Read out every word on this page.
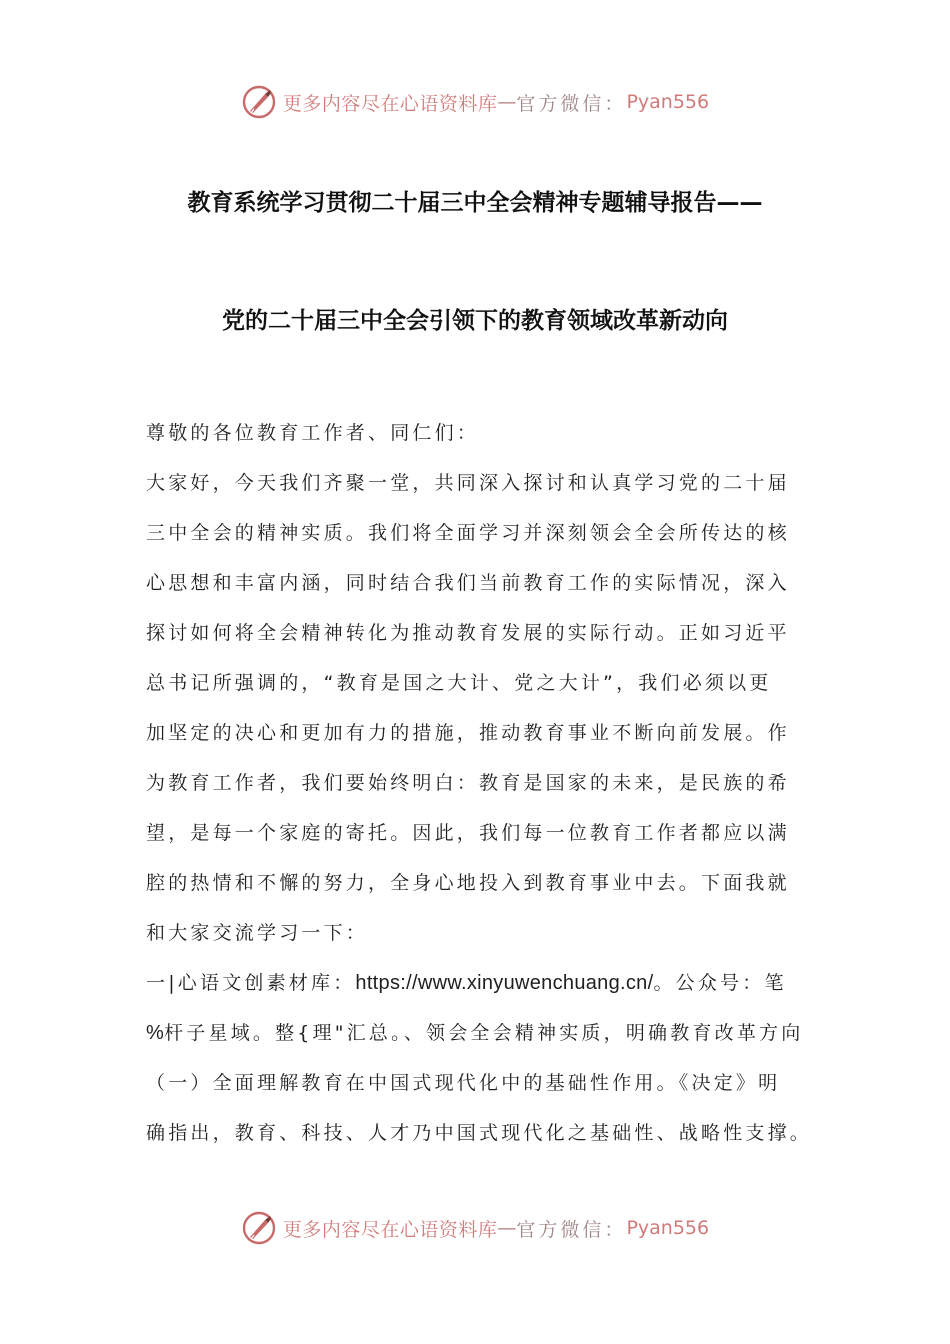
更多内容尽在心语资料库 — 官方微信： Pyan556
教育系统学习贯彻二十届三中全会精神专题辅导报告——
党的二十届三中全会引领下的教育领域改革新动向
尊敬的各位教育工作者、同仁们：
大家好，今天我们齐聚一堂，共同深入探讨和认真学习党的二十届
三中全会的精神实质。我们将全面学习并深刻领会全会所传达的核
心思想和丰富内涵，同时结合我们当前教育工作的实际情况，深入
探讨如何将全会精神转化为推动教育发展的实际行动。正如习近平
总书记所强调的，“教育是国之大计、党之大计”，我们必须以更
加坚定的决心和更加有力的措施，推动教育事业不断向前发展。作
为教育工作者，我们要始终明白：教育是国家的未来，是民族的希
望，是每一个家庭的寄托。因此，我们每一位教育工作者都应以满
腔的热情和不懈的努力，全身心地投入到教育事业中去。下面我就
和大家交流学习一下：
一|心语文创素材库：https://www.xinyuwenchuang.cn/。公众号：笔
%杆子星域。整{理"汇总。、领会全会精神实质，明确教育改革方向
（一）全面理解教育在中国式现代化中的基础性作用。《决定》明
确指出，教育、科技、人才乃中国式现代化之基础性、战略性支撑。
更多内容尽在心语资料库 — 官方微信： Pyan556
